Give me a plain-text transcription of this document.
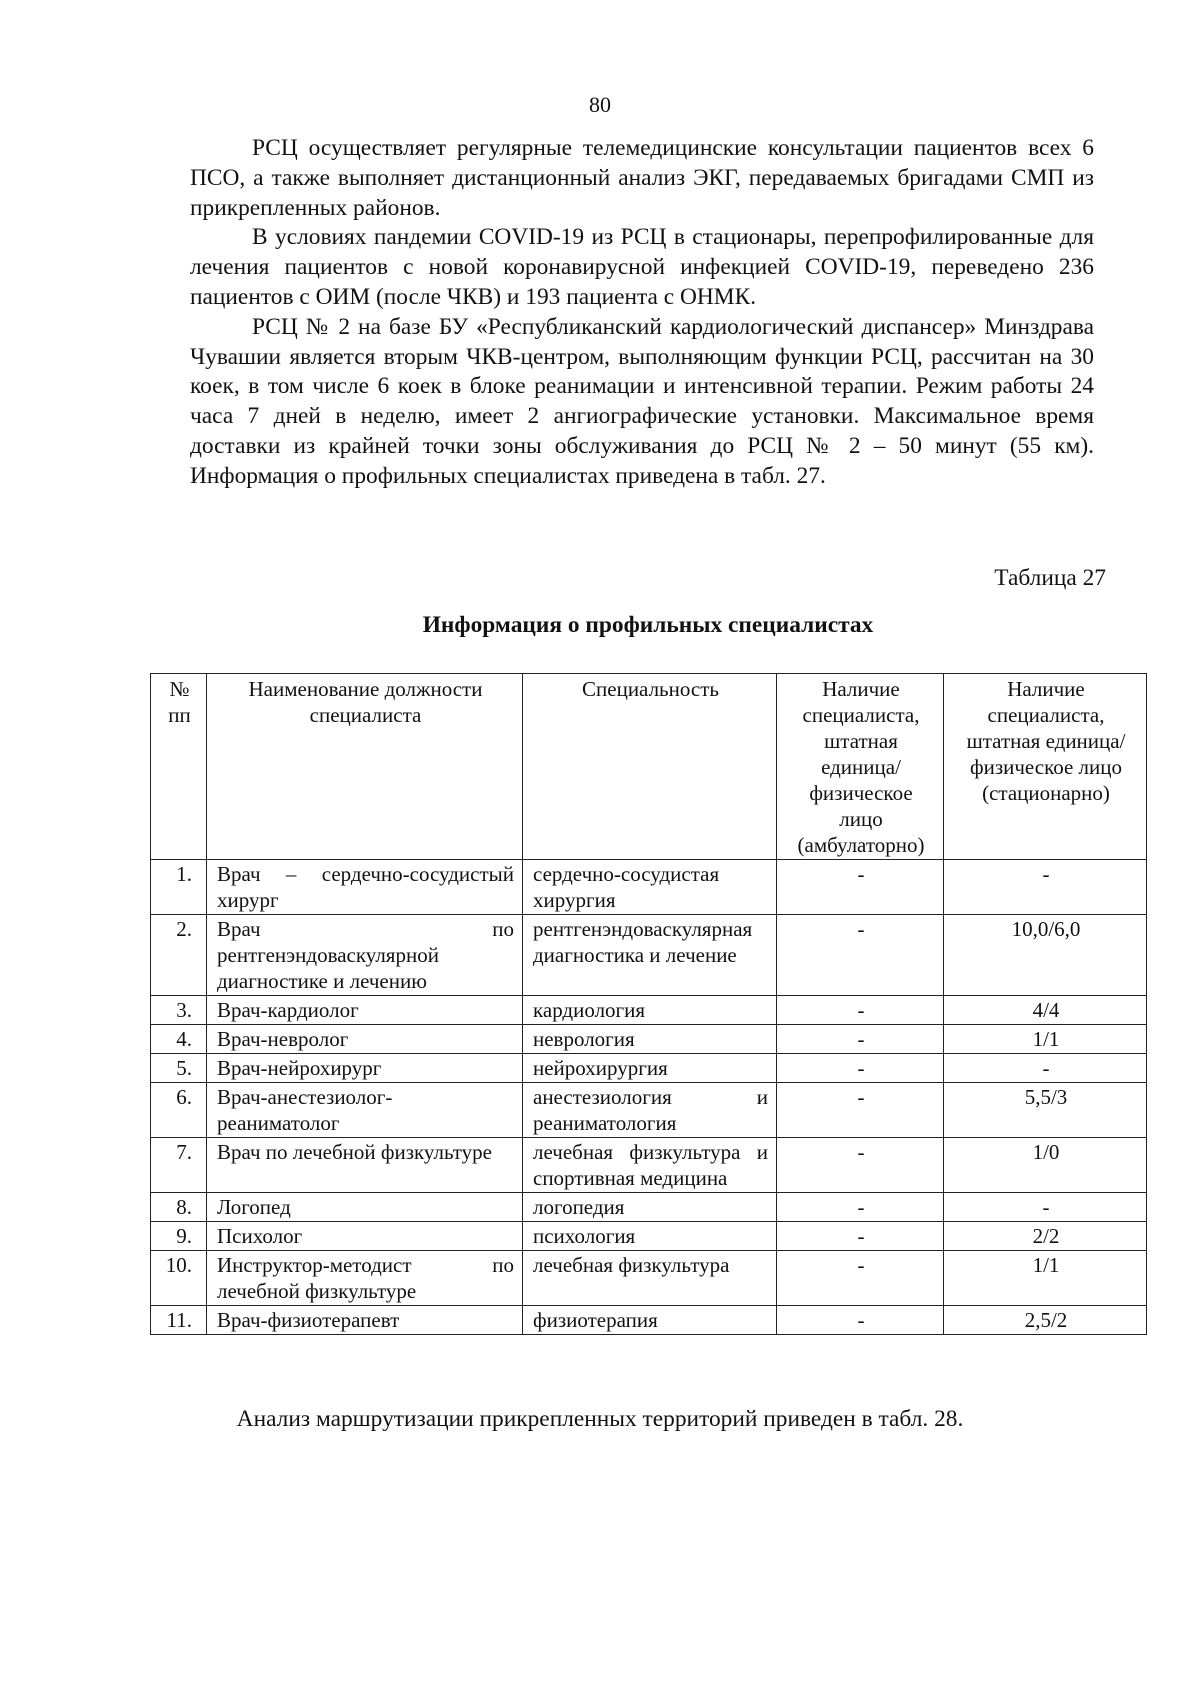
80

РСЦ осуществляет регулярные телемедицинские консультации пациентов всех 6 ПСО, а также выполняет дистанционный анализ ЭКГ, передаваемых бригадами СМП из прикрепленных районов.

В условиях пандемии COVID-19 из РСЦ в стационары, перепрофилированные для лечения пациентов с новой коронавирусной инфекцией COVID-19, переведено 236 пациентов с ОИМ (после ЧКВ) и 193 пациента с ОНМК.

РСЦ № 2 на базе БУ «Республиканский кардиологический диспансер» Минздрава Чувашии является вторым ЧКВ-центром, выполняющим функции РСЦ, рассчитан на 30 коек, в том числе 6 коек в блоке реанимации и интенсивной терапии. Режим работы 24 часа 7 дней в неделю, имеет 2 ангиографические установки. Максимальное время доставки из крайней точки зоны обслуживания до РСЦ № 2 – 50 минут (55 км). Информация о профильных специалистах приведена в табл. 27.

Таблица 27
Информация о профильных специалистах
№ пп	Наименование должности специалиста	Специальность	Наличие специалиста, штатная единица/физическое лицо (амбулаторно)	Наличие специалиста, штатная единица/физическое лицо (стационарно)
1.	Врач – сердечно-сосудистый хирург	сердечно-сосудистая хирургия	-	-
2.	Врач по рентгенэндоваскулярной диагностике и лечению	рентгенэндоваскулярная диагностика и лечение	-	10,0/6,0
3.	Врач-кардиолог	кардиология	-	4/4
4.	Врач-невролог	неврология	-	1/1
5.	Врач-нейрохирург	нейрохирургия	-	-
6.	Врач-анестезиолог-реаниматолог	анестезиология и реаниматология	-	5,5/3
7.	Врач по лечебной физкультуре	лечебная физкультура и спортивная медицина	-	1/0
8.	Логопед	логопедия	-	-
9.	Психолог	психология	-	2/2
10.	Инструктор-методист по лечебной физкультуре	лечебная физкультура	-	1/1
11.	Врач-физиотерапевт	физиотерапия	-	2,5/2
Анализ маршрутизации прикрепленных территорий приведен в табл. 28.
